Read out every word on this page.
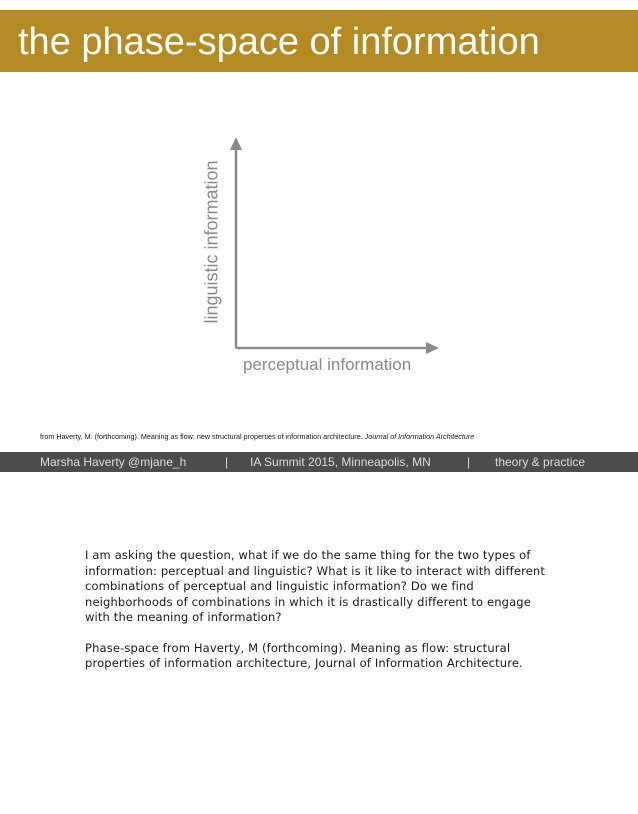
the phase-space of information
linguistic information
perceptual information
from Haverty, M. (forthcoming). Meaning as flow: new structural properties of information architecture. Journal of Information Architecture
Marsha Haverty @mjane_h	| IA Summit 2015, Minneapolis, MN	| theory & practice

I am asking the question, what if we do the same thing for the two types of information: perceptual and linguistic? What is it like to interact with different combinations of perceptual and linguistic information? Do we find neighborhoods of combinations in which it is drastically different to engage with the meaning of information?

Phase-space from Haverty, M (forthcoming). Meaning as flow: structural properties of information architecture, Journal of Information Architecture.
